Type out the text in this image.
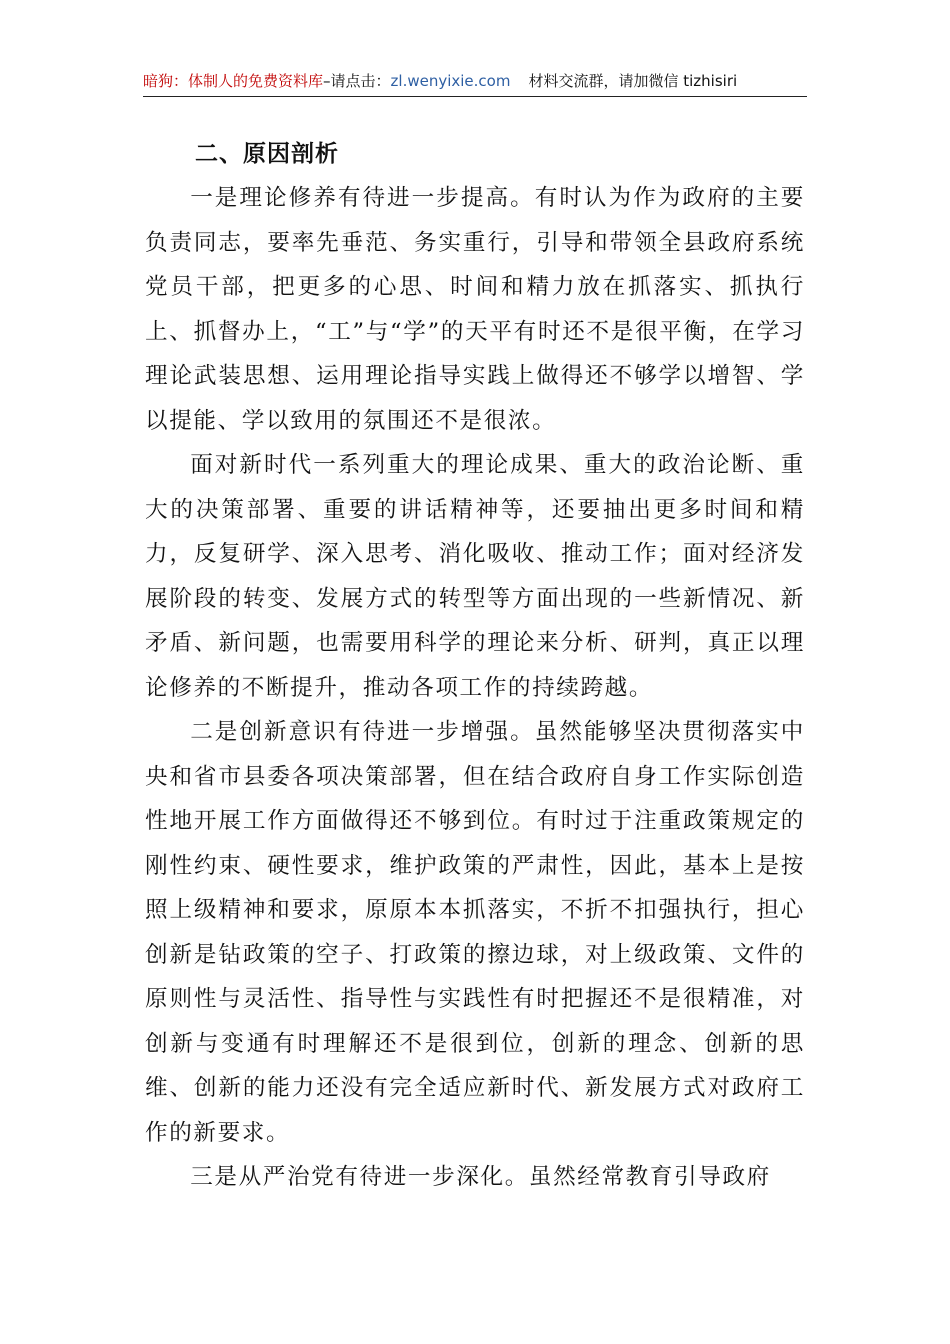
暗狗：体制人的免费资料库–请点击：zl.wenyixie.com 材料交流群，请加微信 tizhisiri
二、原因剖析

一是理论修养有待进一步提高。有时认为作为政府的主要负责同志，要率先垂范、务实重行，引导和带领全县政府系统党员干部，把更多的心思、时间和精力放在抓落实、抓执行上、抓督办上，“工”与“学”的天平有时还不是很平衡，在学习理论武装思想、运用理论指导实践上做得还不够学以增智、学以提能、学以致用的氛围还不是很浓。

面对新时代一系列重大的理论成果、重大的政治论断、重大的决策部署、重要的讲话精神等，还要抽出更多时间和精力，反复研学、深入思考、消化吸收、推动工作；面对经济发展阶段的转变、发展方式的转型等方面出现的一些新情况、新矛盾、新问题，也需要用科学的理论来分析、研判，真正以理论修养的不断提升，推动各项工作的持续跨越。

二是创新意识有待进一步增强。虽然能够坚决贯彻落实中央和省市县委各项决策部署，但在结合政府自身工作实际创造性地开展工作方面做得还不够到位。有时过于注重政策规定的刚性约束、硬性要求，维护政策的严肃性，因此，基本上是按照上级精神和要求，原原本本抓落实，不折不扣强执行，担心创新是钻政策的空子、打政策的擦边球，对上级政策、文件的原则性与灵活性、指导性与实践性有时把握还不是很精准，对创新与变通有时理解还不是很到位，创新的理念、创新的思维、创新的能力还没有完全适应新时代、新发展方式对政府工作的新要求。

三是从严治党有待进一步深化。虽然经常教育引导政府
